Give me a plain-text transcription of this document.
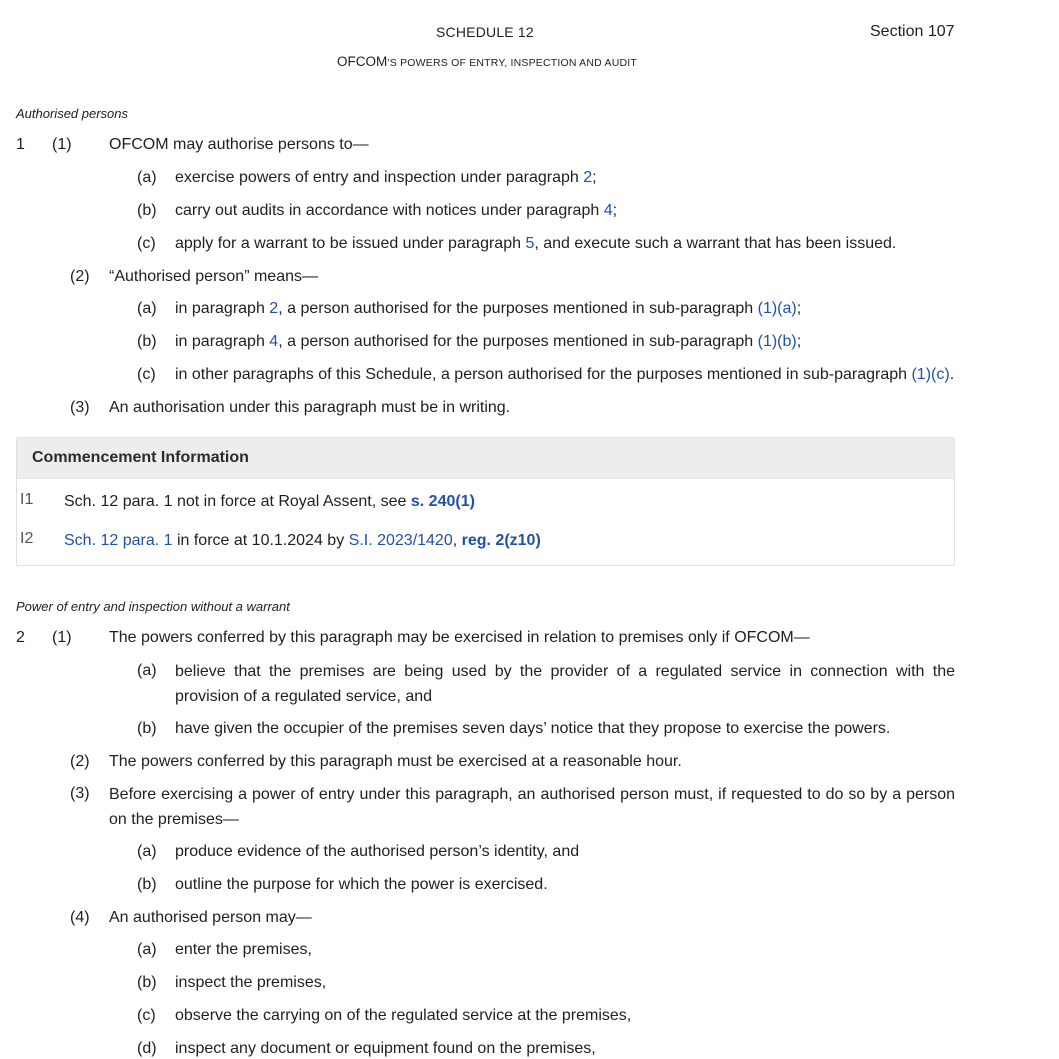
SCHEDULE 12	Section 107
OFCOM’S POWERS OF ENTRY, INSPECTION AND AUDIT
Authorised persons
1 (1) OFCOM may authorise persons to—
(a) exercise powers of entry and inspection under paragraph 2;
(b) carry out audits in accordance with notices under paragraph 4;
(c) apply for a warrant to be issued under paragraph 5, and execute such a warrant that has been issued.
(2) “Authorised person” means—
(a) in paragraph 2, a person authorised for the purposes mentioned in sub-paragraph (1)(a);
(b) in paragraph 4, a person authorised for the purposes mentioned in sub-paragraph (1)(b);
(c) in other paragraphs of this Schedule, a person authorised for the purposes mentioned in sub-paragraph (1)(c).
(3) An authorisation under this paragraph must be in writing.
Commencement Information
I1 Sch. 12 para. 1 not in force at Royal Assent, see s. 240(1)
I2 Sch. 12 para. 1 in force at 10.1.2024 by S.I. 2023/1420, reg. 2(z10)
Power of entry and inspection without a warrant
2 (1) The powers conferred by this paragraph may be exercised in relation to premises only if OFCOM—
(a) believe that the premises are being used by the provider of a regulated service in connection with the provision of a regulated service, and
(b) have given the occupier of the premises seven days’ notice that they propose to exercise the powers.
(2) The powers conferred by this paragraph must be exercised at a reasonable hour.
(3) Before exercising a power of entry under this paragraph, an authorised person must, if requested to do so by a person on the premises—
(a) produce evidence of the authorised person’s identity, and
(b) outline the purpose for which the power is exercised.
(4) An authorised person may—
(a) enter the premises,
(b) inspect the premises,
(c) observe the carrying on of the regulated service at the premises,
(d) inspect any document or equipment found on the premises,
